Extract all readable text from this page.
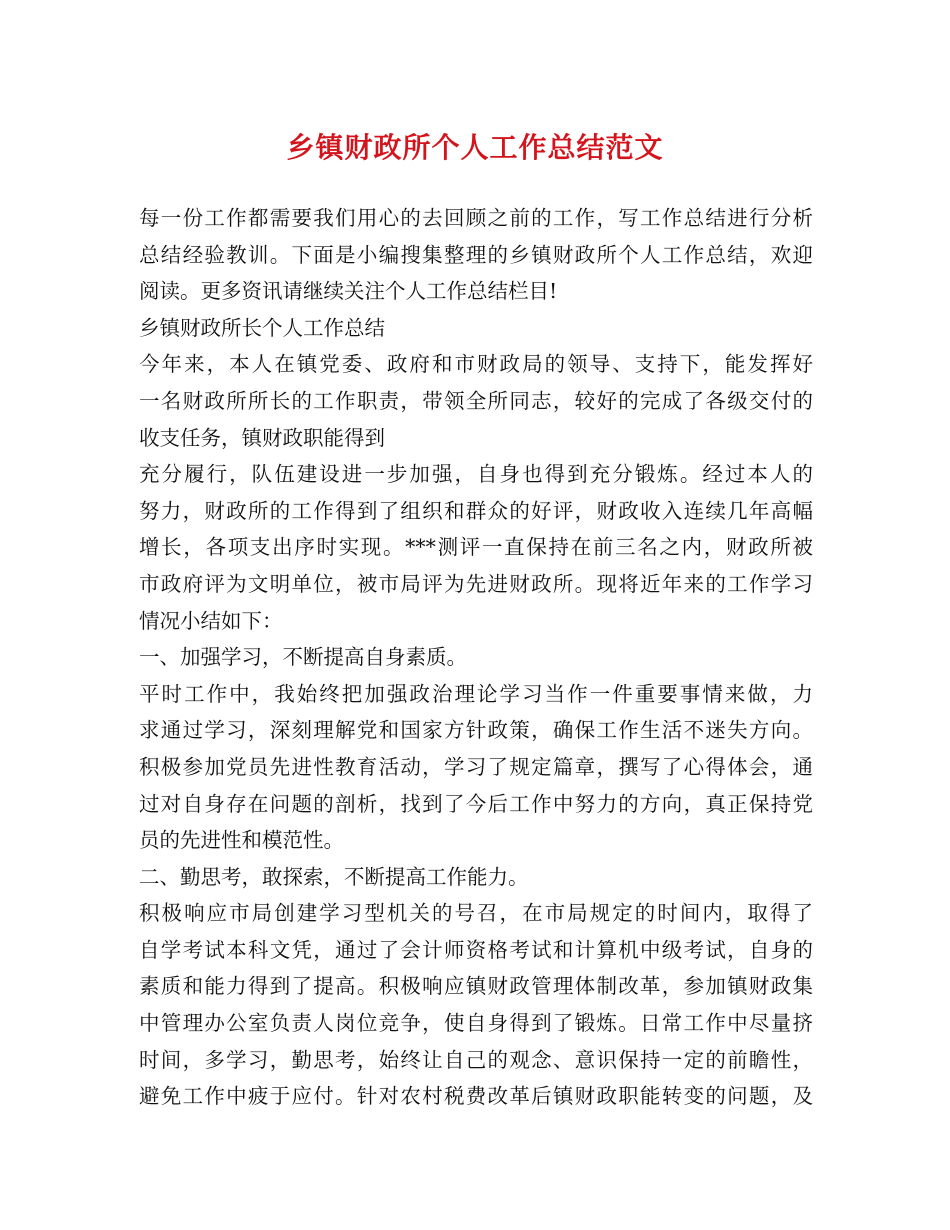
乡镇财政所个人工作总结范文
每一份工作都需要我们用心的去回顾之前的工作，写工作总结进行分析
总结经验教训。下面是小编搜集整理的乡镇财政所个人工作总结，欢迎
阅读。更多资讯请继续关注个人工作总结栏目!
乡镇财政所长个人工作总结
今年来，本人在镇党委、政府和市财政局的领导、支持下，能发挥好
一名财政所所长的工作职责，带领全所同志，较好的完成了各级交付的
收支任务，镇财政职能得到
充分履行，队伍建设进一步加强，自身也得到充分锻炼。经过本人的
努力，财政所的工作得到了组织和群众的好评，财政收入连续几年高幅
增长，各项支出序时实现。***测评一直保持在前三名之内，财政所被
市政府评为文明单位，被市局评为先进财政所。现将近年来的工作学习
情况小结如下：
一、加强学习，不断提高自身素质。
平时工作中，我始终把加强政治理论学习当作一件重要事情来做，力
求通过学习，深刻理解党和国家方针政策，确保工作生活不迷失方向。
积极参加党员先进性教育活动，学习了规定篇章，撰写了心得体会，通
过对自身存在问题的剖析，找到了今后工作中努力的方向，真正保持党
员的先进性和模范性。
二、勤思考，敢探索，不断提高工作能力。
积极响应市局创建学习型机关的号召，在市局规定的时间内，取得了
自学考试本科文凭，通过了会计师资格考试和计算机中级考试，自身的
素质和能力得到了提高。积极响应镇财政管理体制改革，参加镇财政集
中管理办公室负责人岗位竞争，使自身得到了锻炼。日常工作中尽量挤
时间，多学习，勤思考，始终让自己的观念、意识保持一定的前瞻性，
避免工作中疲于应付。针对农村税费改革后镇财政职能转变的问题，及
